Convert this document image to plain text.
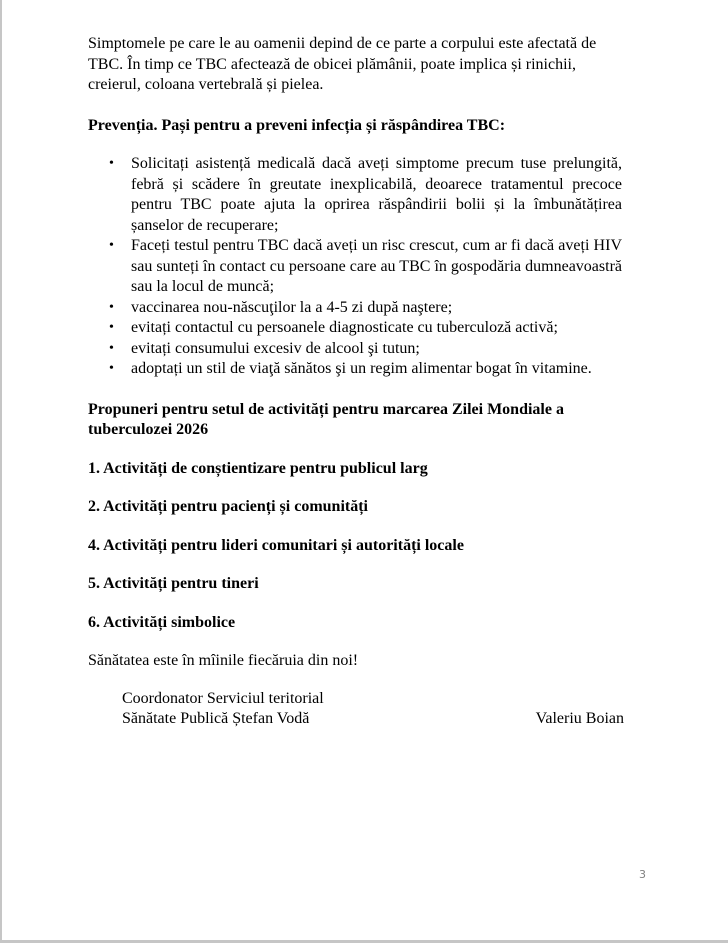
Simptomele pe care le au oamenii depind de ce parte a corpului este afectată de TBC. În timp ce TBC afectează de obicei plămânii, poate implica și rinichii, creierul, coloana vertebrală și pielea.

Prevenția. Pași pentru a preveni infecția și răspândirea TBC:

• Solicitați asistență medicală dacă aveți simptome precum tuse prelungită, febră și scădere în greutate inexplicabilă, deoarece tratamentul precoce pentru TBC poate ajuta la oprirea răspândirii bolii și la îmbunătățirea șanselor de recuperare;
• Faceți testul pentru TBC dacă aveți un risc crescut, cum ar fi dacă aveți HIV sau sunteți în contact cu persoane care au TBC în gospodăria dumneavoastră sau la locul de muncă;
• vaccinarea nou-născuţilor la a 4-5 zi după naştere;
• evitați contactul cu persoanele diagnosticate cu tuberculoză activă;
• evitați consumului excesiv de alcool şi tutun;
• adoptați un stil de viaţă sănătos şi un regim alimentar bogat în vitamine.

Propuneri pentru setul de activități pentru marcarea Zilei Mondiale a tuberculozei 2026

1. Activități de conștientizare pentru publicul larg

2. Activități pentru pacienți și comunități

4. Activități pentru lideri comunitari și autorități locale

5. Activități pentru tineri

6. Activități simbolice

Sănătatea este în mîinile fiecăruia din noi!

Coordonator Serviciul teritorial
Sănătate Publică Ștefan Vodă	Valeriu Boian
3
